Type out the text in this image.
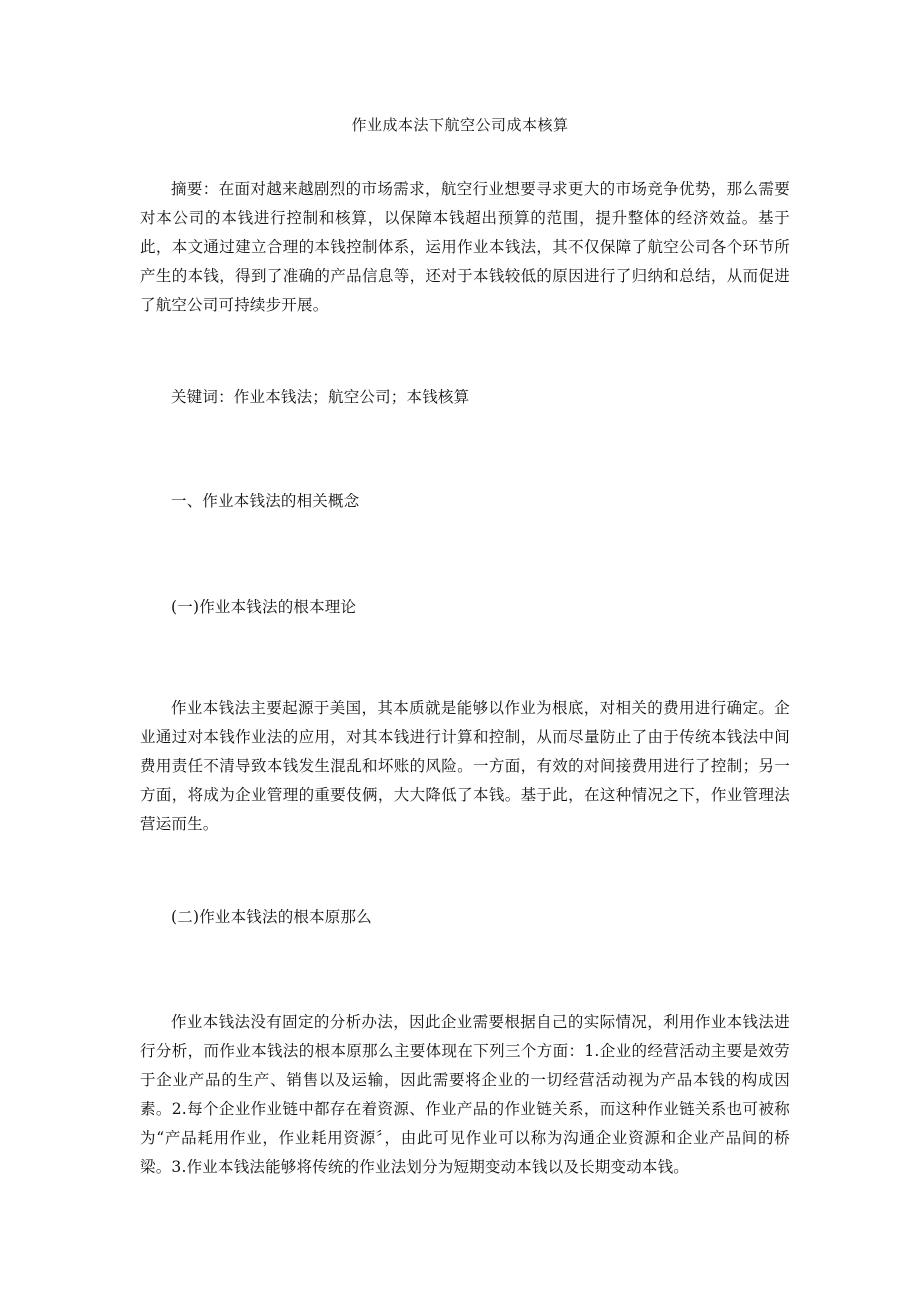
作业成本法下航空公司成本核算
摘要：在面对越来越剧烈的市场需求，航空行业想要寻求更大的市场竞争优势，那么需要对本公司的本钱进行控制和核算，以保障本钱超出预算的范围，提升整体的经济效益。基于此，本文通过建立合理的本钱控制体系，运用作业本钱法，其不仅保障了航空公司各个环节所产生的本钱，得到了准确的产品信息等，还对于本钱较低的原因进行了归纳和总结，从而促进了航空公司可持续步开展。
关键词：作业本钱法；航空公司；本钱核算
一、作业本钱法的相关概念
(一)作业本钱法的根本理论
作业本钱法主要起源于美国，其本质就是能够以作业为根底，对相关的费用进行确定。企业通过对本钱作业法的应用，对其本钱进行计算和控制，从而尽量防止了由于传统本钱法中间费用责任不清导致本钱发生混乱和坏账的风险。一方面，有效的对间接费用进行了控制；另一方面，将成为企业管理的重要伎俩，大大降低了本钱。基于此，在这种情况之下，作业管理法营运而生。
(二)作业本钱法的根本原那么
作业本钱法没有固定的分析办法，因此企业需要根据自己的实际情况，利用作业本钱法进行分析，而作业本钱法的根本原那么主要体现在下列三个方面：1.企业的经营活动主要是效劳于企业产品的生产、销售以及运输，因此需要将企业的一切经营活动视为产品本钱的构成因素。2.每个企业作业链中都存在着资源、作业产品的作业链关系，而这种作业链关系也可被称为“产品耗用作业，作业耗用资源〞，由此可见作业可以称为沟通企业资源和企业产品间的桥梁。3.作业本钱法能够将传统的作业法划分为短期变动本钱以及长期变动本钱。
